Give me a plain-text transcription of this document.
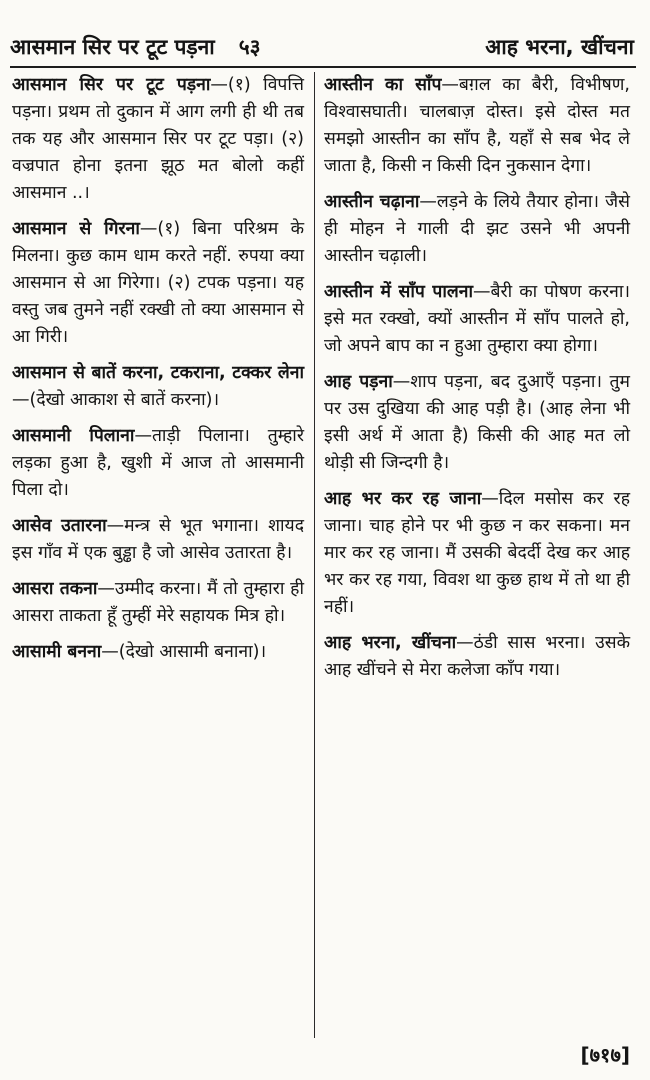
आसमान सिर पर टूट पड़ना ५३	आह भरना, खींचना
आसमान सिर पर टूट पड़ना—(१) विपत्ति पड़ना। प्रथम तो दुकान में आग लगी ही थी तब तक यह और आसमान सिर पर टूट पड़ा। (२) वज्रपात होना इतना झूठ मत बोलो कहीं आसमान ..।
आसमान से गिरना—(१) बिना परिश्रम के मिलना। कुछ काम धाम करते नहीं. रुपया क्या आसमान से आ गिरेगा। (२) टपक पड़ना। यह वस्तु जब तुमने नहीं रक्खी तो क्या आसमान से आ गिरी।
आसमान से बातें करना, टकराना, टक्कर लेना—(देखो आकाश से बातें करना)।
आसमानी पिलाना—ताड़ी पिलाना। तुम्हारे लड़का हुआ है, खुशी में आज तो आसमानी पिला दो।
आसेव उतारना—मन्त्र से भूत भगाना। शायद इस गाँव में एक बुड्ढा है जो आसेव उतारता है।
आसरा तकना—उम्मीद करना। मैं तो तुम्हारा ही आसरा ताकता हूँ तुम्हीं मेरे सहायक मित्र हो।
आसामी बनना—(देखो आसामी बनाना)।
आस्तीन का साँप—बग़ल का बैरी, विभीषण, विश्वासघाती। चालबाज़ दोस्त। इसे दोस्त मत समझो आस्तीन का साँप है, यहाँ से सब भेद ले जाता है, किसी न किसी दिन नुकसान देगा।
आस्तीन चढ़ाना—लड़ने के लिये तैयार होना। जैसे ही मोहन ने गाली दी झट उसने भी अपनी आस्तीन चढ़ाली।
आस्तीन में साँप पालना—बैरी का पोषण करना। इसे मत रक्खो, क्यों आस्तीन में साँप पालते हो, जो अपने बाप का न हुआ तुम्हारा क्या होगा।
आह पड़ना—शाप पड़ना, बद दुआएँ पड़ना। तुम पर उस दुखिया की आह पड़ी है। (आह लेना भी इसी अर्थ में आता है) किसी की आह मत लो थोड़ी सी जिन्दगी है।
आह भर कर रह जाना—दिल मसोस कर रह जाना। चाह होने पर भी कुछ न कर सकना। मन मार कर रह जाना। मैं उसकी बेदर्दी देख कर आह भर कर रह गया, विवश था कुछ हाथ में तो था ही नहीं।
आह भरना, खींचना—ठंडी सास भरना। उसके आह खींचने से मेरा कलेजा काँप गया।
[७१७]
